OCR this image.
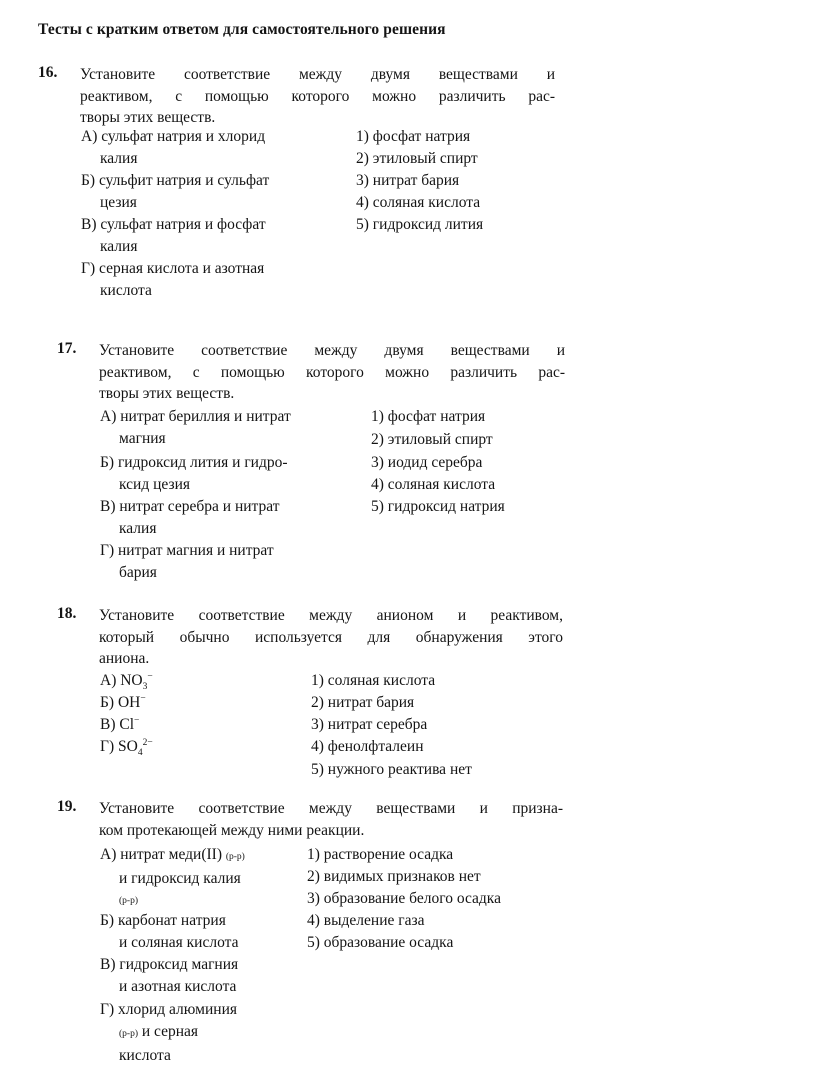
Тесты с кратким ответом для самостоятельного решения
16. Установите соответствие между двумя веществами и
реактивом, с помощью которого можно различить рас-
творы этих веществ.
А) сульфат натрия и хлорид
калия
Б) сульфит натрия и сульфат
цезия
В) сульфат натрия и фосфат
калия
Г) серная кислота и азотная
кислота
1) фосфат натрия
2) этиловый спирт
3) нитрат бария
4) соляная кислота
5) гидроксид лития
17. Установите соответствие между двумя веществами и
реактивом, с помощью которого можно различить рас-
творы этих веществ.
А) нитрат бериллия и нитрат
магния
Б) гидроксид лития и гидро-
ксид цезия
В) нитрат серебра и нитрат
калия
Г) нитрат магния и нитрат
бария
1) фосфат натрия
2) этиловый спирт
3) иодид серебра
4) соляная кислота
5) гидроксид натрия
18. Установите соответствие между анионом и реактивом,
который обычно используется для обнаружения этого
аниона.
А) $NO_3^-$
Б) OH−
В) Cl−
Г) $SO_4^{2-}$
1) соляная кислота
2) нитрат бария
3) нитрат серебра
4) фенолфталеин
5) нужного реактива нет
19. Установите соответствие между веществами и призна-
ком протекающей между ними реакции.
А) нитрат меди(II) (р-р)
и гидроксид калия
(р-р)
Б) карбонат натрия
и соляная кислота
В) гидроксид магния
и азотная кислота
Г) хлорид алюминия
(р-р) и серная
кислота
1) растворение осадка
2) видимых признаков нет
3) образование белого осадка
4) выделение газа
5) образование осадка
